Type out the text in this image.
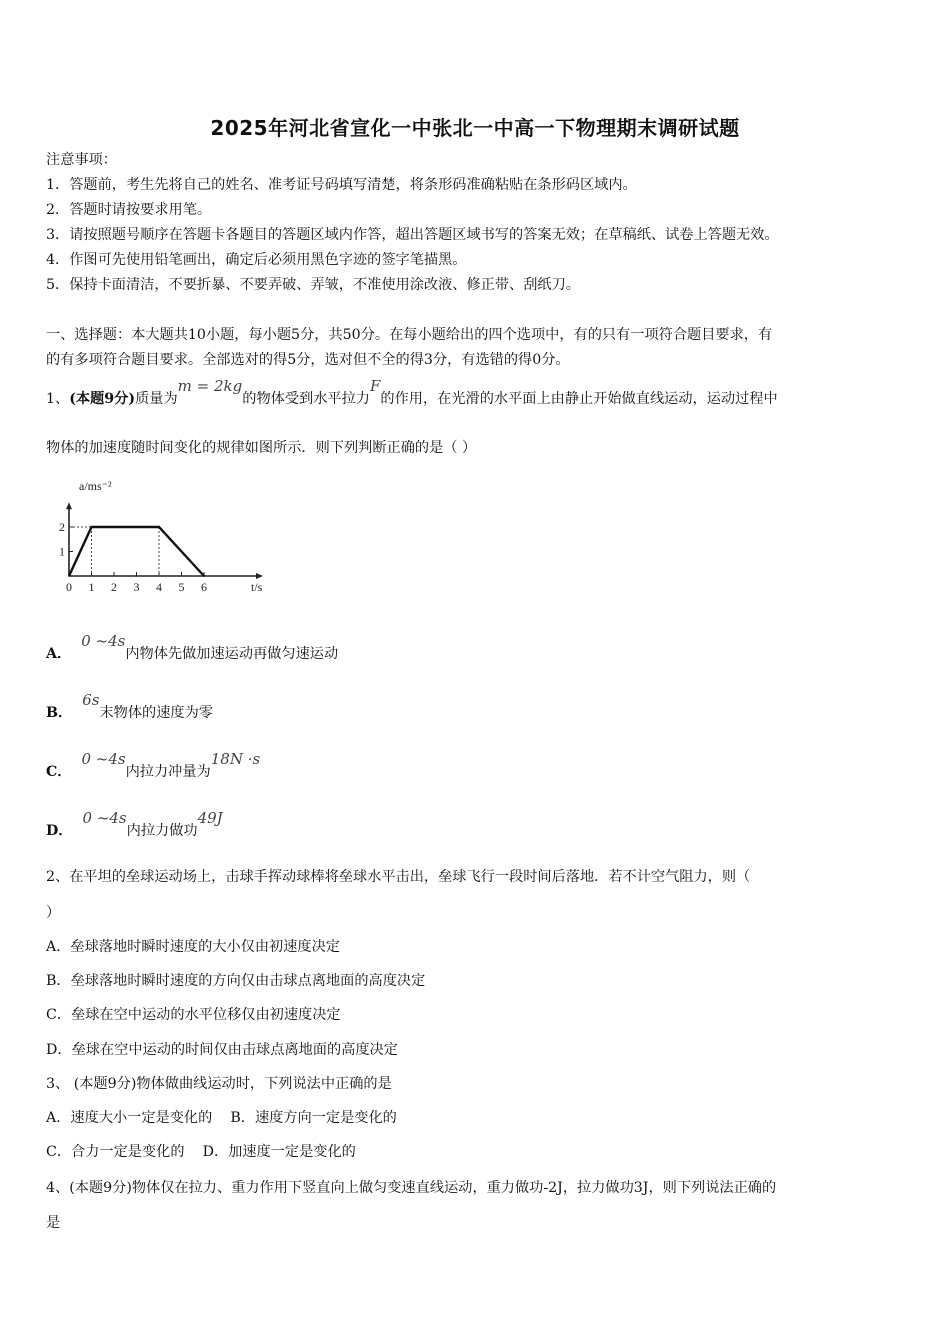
2025年河北省宣化一中张北一中高一下物理期末调研试题
注意事项：
1．答题前，考生先将自己的姓名、准考证号码填写清楚，将条形码准确粘贴在条形码区域内。
2．答题时请按要求用笔。
3．请按照题号顺序在答题卡各题目的答题区域内作答，超出答题区域书写的答案无效；在草稿纸、试卷上答题无效。
4．作图可先使用铅笔画出，确定后必须用黑色字迹的签字笔描黑。
5．保持卡面清洁，不要折暴、不要弄破、弄皱，不准使用涂改液、修正带、刮纸刀。
一、选择题：本大题共10小题，每小题5分，共50分。在每小题给出的四个选项中，有的只有一项符合题目要求，有
的有多项符合题目要求。全部选对的得5分，选对但不全的得3分，有选错的得0分。
1、(本题9分)质量为m = 2kg的物体受到水平拉力F的作用，在光滑的水平面上由静止开始做直线运动，运动过程中
物体的加速度随时间变化的规律如图所示．则下列判断正确的是（ ）
0 1 2 3 4 5 6
1
2
a/ms⁻²
t/s
A．0 ~4s内物体先做加速运动再做匀速运动
B．6s末物体的速度为零
C．0 ~4s内拉力冲量为18N ·s
D．0 ~4s内拉力做功49J
2、在平坦的垒球运动场上，击球手挥动球棒将垒球水平击出，垒球飞行一段时间后落地．若不计空气阻力，则（
）
A．垒球落地时瞬时速度的大小仅由初速度决定
B．垒球落地时瞬时速度的方向仅由击球点离地面的高度决定
C．垒球在空中运动的水平位移仅由初速度决定
D．垒球在空中运动的时间仅由击球点离地面的高度决定
3、 (本题9分)物体做曲线运动时，下列说法中正确的是
A．速度大小一定是变化的    B．速度方向一定是变化的
C．合力一定是变化的    D．加速度一定是变化的
4、(本题9分)物体仅在拉力、重力作用下竖直向上做匀变速直线运动，重力做功-2J，拉力做功3J，则下列说法正确的
是
